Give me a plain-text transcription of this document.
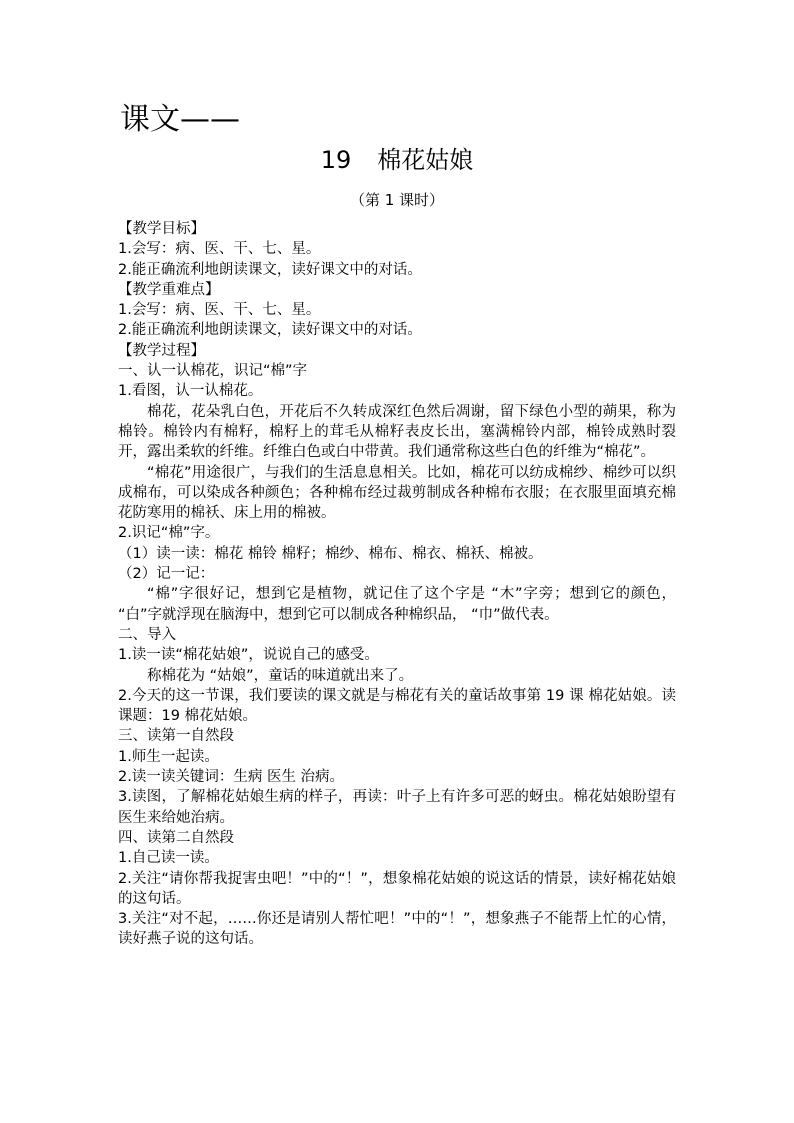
课文——
19 棉花姑娘
（第 1 课时）

【教学目标】

1.会写：病、医、干、七、星。

2.能正确流利地朗读课文，读好课文中的对话。

【教学重难点】

1.会写：病、医、干、七、星。

2.能正确流利地朗读课文，读好课文中的对话。

【教学过程】

一、认一认棉花，识记“棉”字

1.看图，认一认棉花。

棉花，花朵乳白色，开花后不久转成深红色然后凋谢，留下绿色小型的蒴果，称为棉铃。棉铃内有棉籽，棉籽上的茸毛从棉籽表皮长出，塞满棉铃内部，棉铃成熟时裂开，露出柔软的纤维。纤维白色或白中带黄。我们通常称这些白色的纤维为“棉花”。

“棉花”用途很广，与我们的生活息息相关。比如，棉花可以纺成棉纱、棉纱可以织成棉布，可以染成各种颜色；各种棉布经过裁剪制成各种棉布衣服；在衣服里面填充棉花防寒用的棉袄、床上用的棉被。

2.识记“棉”字。

（1）读一读：棉花 棉铃 棉籽；棉纱、棉布、棉衣、棉袄、棉被。

（2）记一记：

“棉”字很好记，想到它是植物，就记住了这个字是 “木”字旁；想到它的颜色， “白”字就浮现在脑海中，想到它可以制成各种棉织品， “巾”做代表。

二、导入

1.读一读“棉花姑娘”，说说自己的感受。

称棉花为 “姑娘”，童话的味道就出来了。

2.今天的这一节课，我们要读的课文就是与棉花有关的童话故事第 19 课 棉花姑娘。读课题：19 棉花姑娘。

三、读第一自然段

1.师生一起读。

2.读一读关键词：生病 医生 治病。

3.读图，了解棉花姑娘生病的样子，再读：叶子上有许多可恶的蚜虫。棉花姑娘盼望有医生来给她治病。

四、读第二自然段

1.自己读一读。

2.关注“请你帮我捉害虫吧！”中的“！”，想象棉花姑娘的说这话的情景，读好棉花姑娘的这句话。

3.关注“对不起，……你还是请别人帮忙吧！”中的“！”，想象燕子不能帮上忙的心情，读好燕子说的这句话。
